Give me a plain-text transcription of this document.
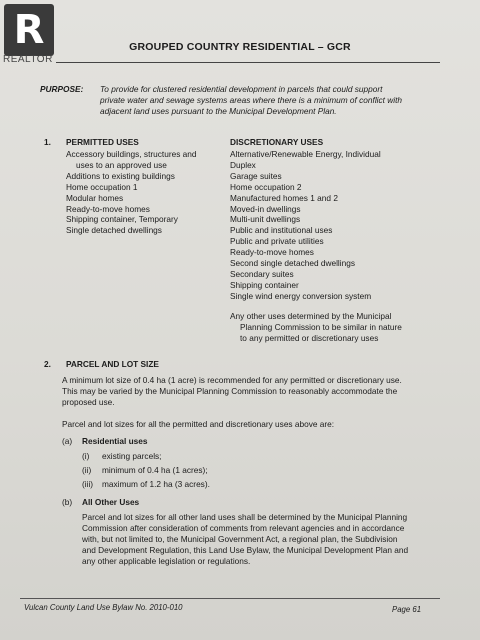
R
REALTOR
GROUPED COUNTRY RESIDENTIAL – GCR
PURPOSE: To provide for clustered residential development in parcels that could support
private water and sewage systems areas where there is a minimum of conflict with
adjacent land uses pursuant to the Municipal Development Plan.
1. PERMITTED USES	DISCRETIONARY USES
Accessory buildings, structures and
uses to an approved use
Additions to existing buildings
Home occupation 1
Modular homes
Ready-to-move homes
Shipping container, Temporary
Single detached dwellings
Alternative/Renewable Energy, Individual
Duplex
Garage suites
Home occupation 2
Manufactured homes 1 and 2
Moved-in dwellings
Multi-unit dwellings
Public and institutional uses
Public and private utilities
Ready-to-move homes
Second single detached dwellings
Secondary suites
Shipping container
Single wind energy conversion system
Any other uses determined by the Municipal
Planning Commission to be similar in nature
to any permitted or discretionary uses
2. PARCEL AND LOT SIZE
A minimum lot size of 0.4 ha (1 acre) is recommended for any permitted or discretionary use.
This may be varied by the Municipal Planning Commission to reasonably accommodate the
proposed use.
Parcel and lot sizes for all the permitted and discretionary uses above are:
(a) Residential uses
(i) existing parcels;
(ii) minimum of 0.4 ha (1 acres);
(iii) maximum of 1.2 ha (3 acres).
(b) All Other Uses
Parcel and lot sizes for all other land uses shall be determined by the Municipal Planning
Commission after consideration of comments from relevant agencies and in accordance
with, but not limited to, the Municipal Government Act, a regional plan, the Subdivision
and Development Regulation, this Land Use Bylaw, the Municipal Development Plan and
any other applicable legislation or regulations.
Vulcan County Land Use Bylaw No. 2010-010	Page 61
